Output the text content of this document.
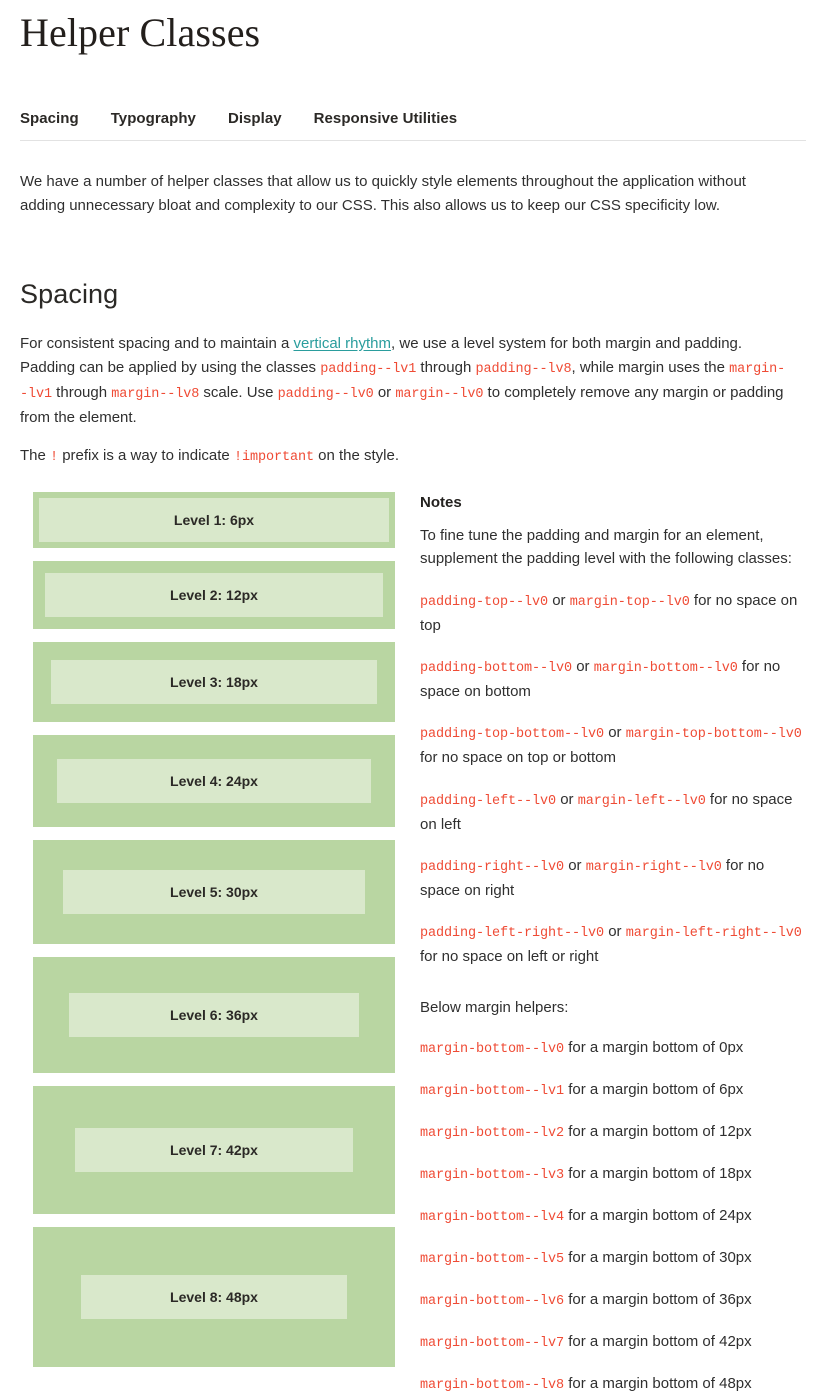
Helper Classes
Spacing Typography Display Responsive Utilities

We have a number of helper classes that allow us to quickly style elements throughout the application without adding unnecessary bloat and complexity to our CSS. This also allows us to keep our CSS specificity low.

Spacing

For consistent spacing and to maintain a vertical rhythm, we use a level system for both margin and padding. Padding can be applied by using the classes padding--lv1 through padding--lv8, while margin uses the margin--lv1 through margin--lv8 scale. Use padding--lv0 or margin--lv0 to completely remove any margin or padding from the element.

The ! prefix is a way to indicate !important on the style.

Level 1: 6px
Level 2: 12px
Level 3: 18px
Level 4: 24px
Level 5: 30px
Level 6: 36px
Level 7: 42px
Level 8: 48px
Notes

To fine tune the padding and margin for an element, supplement the padding level with the following classes:

padding-top--lv0 or margin-top--lv0 for no space on top

padding-bottom--lv0 or margin-bottom--lv0 for no space on bottom

padding-top-bottom--lv0 or margin-top-bottom--lv0 for no space on top or bottom

padding-left--lv0 or margin-left--lv0 for no space on left

padding-right--lv0 or margin-right--lv0 for no space on right

padding-left-right--lv0 or margin-left-right--lv0 for no space on left or right

Below margin helpers:

margin-bottom--lv0 for a margin bottom of 0px

margin-bottom--lv1 for a margin bottom of 6px

margin-bottom--lv2 for a margin bottom of 12px

margin-bottom--lv3 for a margin bottom of 18px

margin-bottom--lv4 for a margin bottom of 24px

margin-bottom--lv5 for a margin bottom of 30px

margin-bottom--lv6 for a margin bottom of 36px

margin-bottom--lv7 for a margin bottom of 42px

margin-bottom--lv8 for a margin bottom of 48px
